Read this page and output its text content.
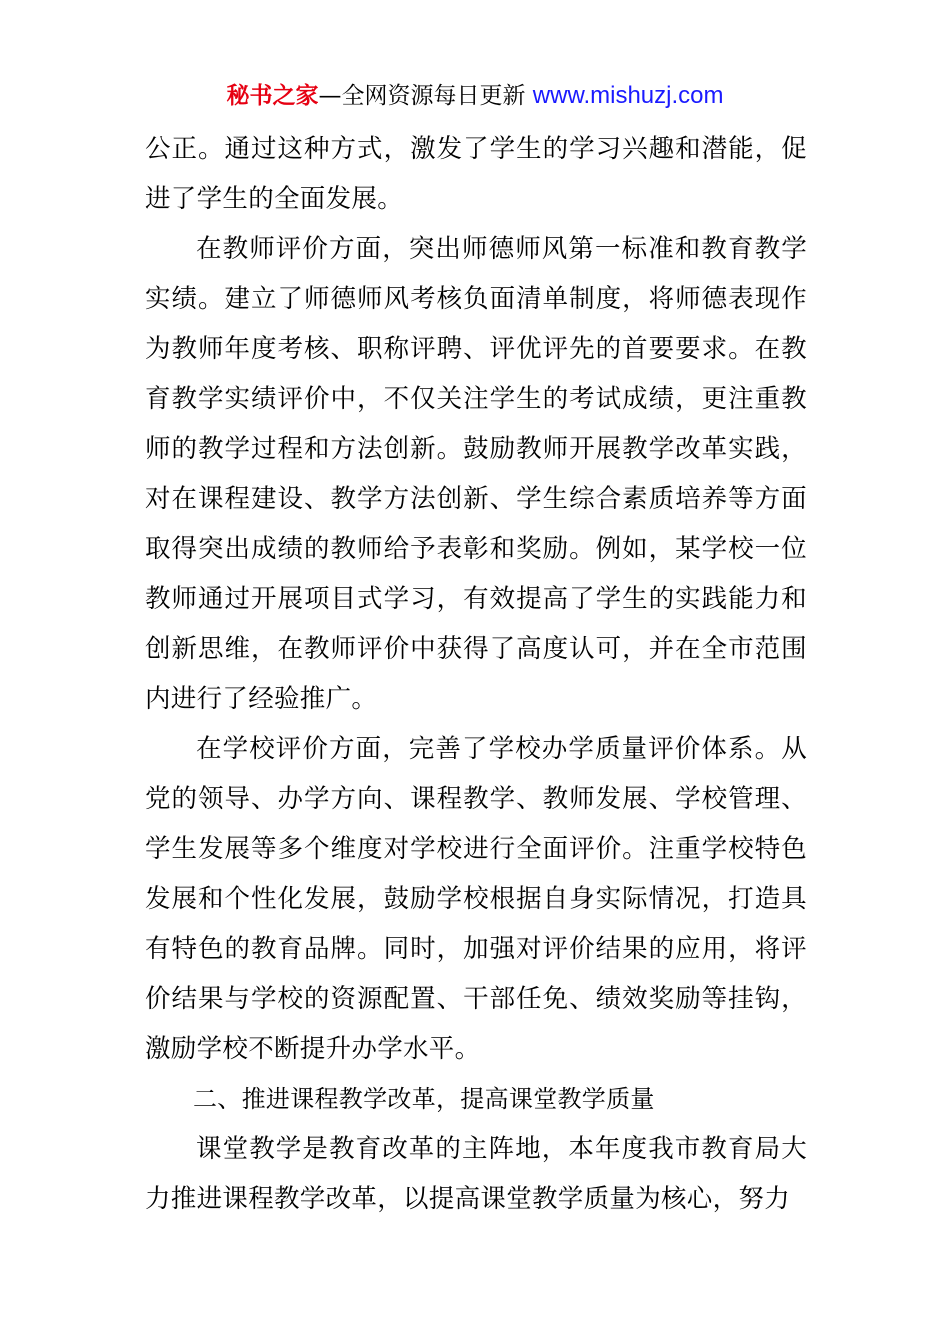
秘书之家—全网资源每日更新 www.mishuzj.com

公正。通过这种方式，激发了学生的学习兴趣和潜能，促进了学生的全面发展。

在教师评价方面，突出师德师风第一标准和教育教学实绩。建立了师德师风考核负面清单制度，将师德表现作为教师年度考核、职称评聘、评优评先的首要要求。在教育教学实绩评价中，不仅关注学生的考试成绩，更注重教师的教学过程和方法创新。鼓励教师开展教学改革实践，对在课程建设、教学方法创新、学生综合素质培养等方面取得突出成绩的教师给予表彰和奖励。例如，某学校一位教师通过开展项目式学习，有效提高了学生的实践能力和创新思维，在教师评价中获得了高度认可，并在全市范围内进行了经验推广。

在学校评价方面，完善了学校办学质量评价体系。从党的领导、办学方向、课程教学、教师发展、学校管理、学生发展等多个维度对学校进行全面评价。注重学校特色发展和个性化发展，鼓励学校根据自身实际情况，打造具有特色的教育品牌。同时，加强对评价结果的应用，将评价结果与学校的资源配置、干部任免、绩效奖励等挂钩，激励学校不断提升办学水平。

二、推进课程教学改革，提高课堂教学质量

课堂教学是教育改革的主阵地，本年度我市教育局大力推进课程教学改革，以提高课堂教学质量为核心，努力
